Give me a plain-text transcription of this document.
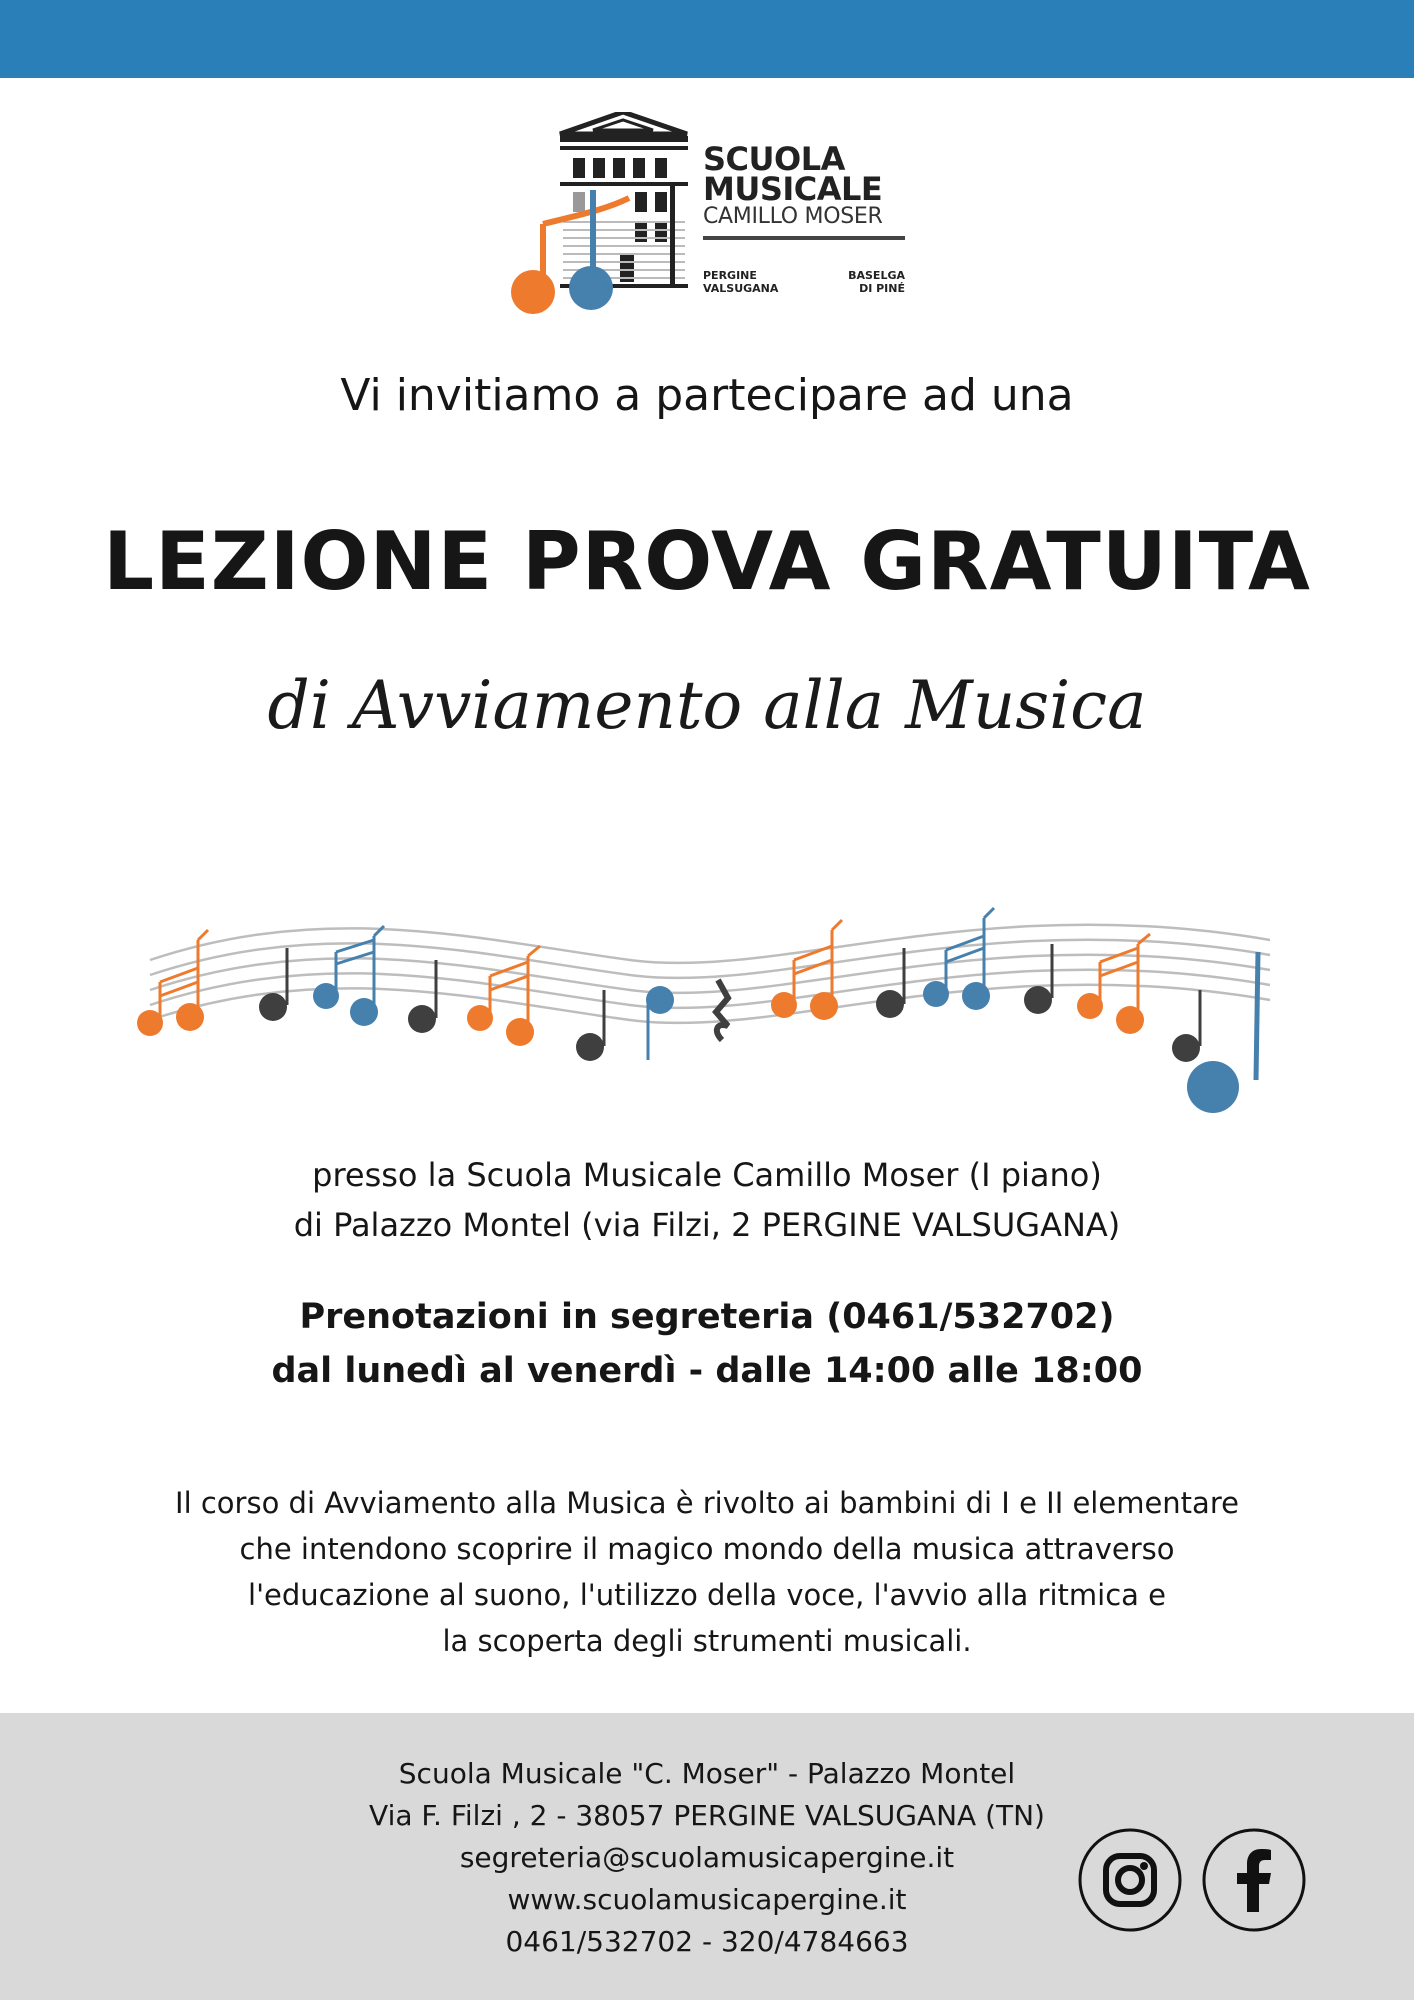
SCUOLA
MUSICALE
CAMILLO MOSER
PERGINE
VALSUGANA
BASELGA
DI PINÉ
Vi invitiamo a partecipare ad una
LEZIONE PROVA GRATUITA
di Avviamento alla Musica
presso la Scuola Musicale Camillo Moser (I piano)
di Palazzo Montel (via Filzi, 2 PERGINE VALSUGANA)
Prenotazioni in segreteria (0461/532702)
dal lunedì al venerdì - dalle 14:00 alle 18:00
Il corso di Avviamento alla Musica è rivolto ai bambini di I e II elementare
che intendono scoprire il magico mondo della musica attraverso
l'educazione al suono, l'utilizzo della voce, l'avvio alla ritmica e
la scoperta degli strumenti musicali.
Scuola Musicale "C. Moser" - Palazzo Montel
Via F. Filzi , 2 - 38057 PERGINE VALSUGANA (TN)
segreteria@scuolamusicapergine.it
www.scuolamusicapergine.it
0461/532702 - 320/4784663
